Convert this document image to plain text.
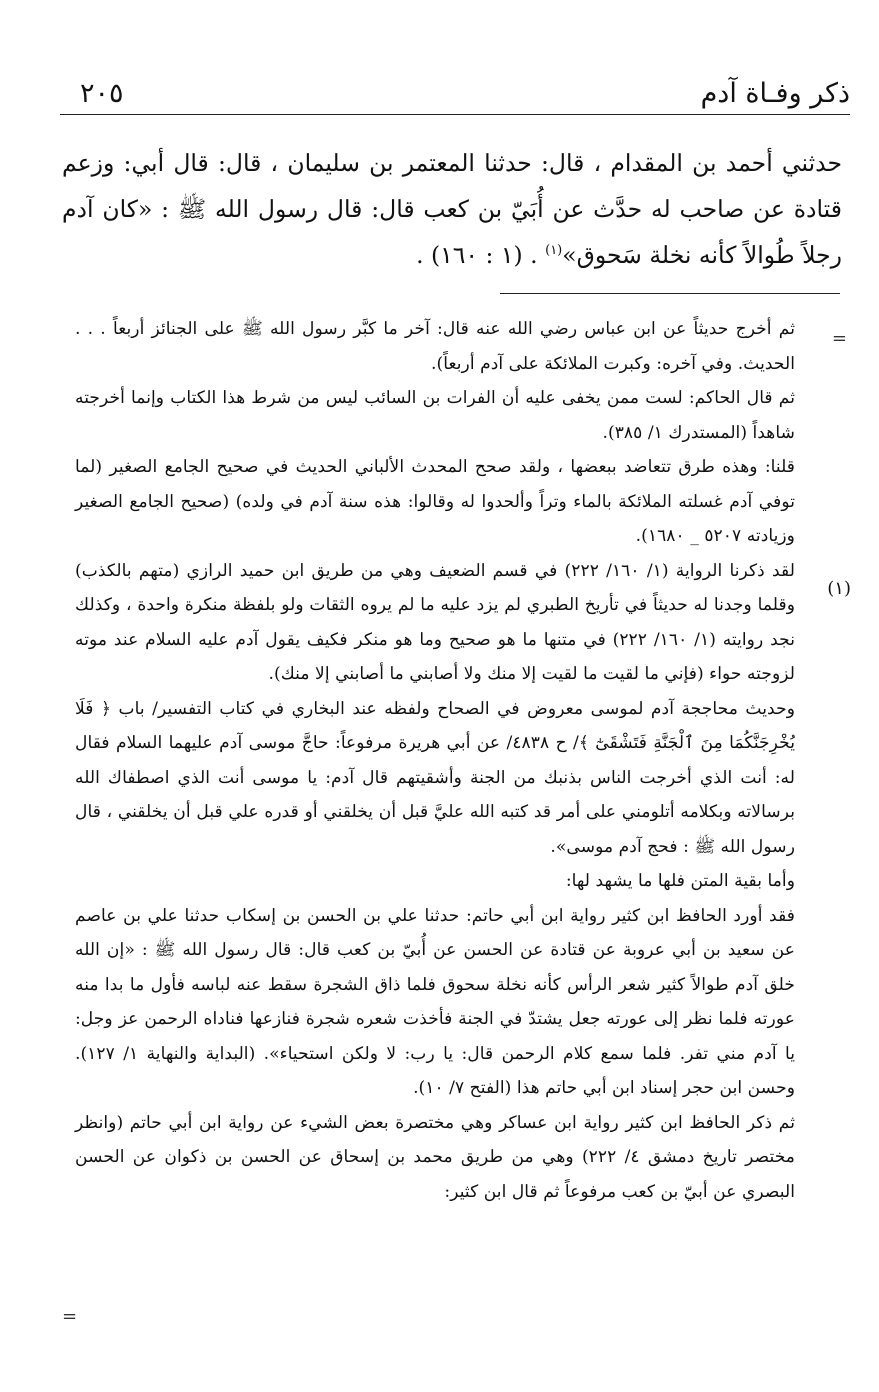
٢٠٥	ذكر وفـاة آدم

حدثني أحمد بن المقدام ، قال: حدثنا المعتمر بن سليمان ، قال: قال أبي: وزعم قتادة عن صاحب له حدَّث عن أُبَيّ بن كعب قال: قال رسول الله ﷺ : «كان آدم رجلاً طُوالاً كأنه نخلة سَحوق»$^{(١)}$ . (١ : ١٦٠) .

=
(١)

ثم أخرج حديثاً عن ابن عباس رضي الله عنه قال: آخر ما كبَّر رسول الله ﷺ على الجنائز أربعاً . . . الحديث. وفي آخره: وكبرت الملائكة على آدم أربعاً).

ثم قال الحاكم: لست ممن يخفى عليه أن الفرات بن السائب ليس من شرط هذا الكتاب وإنما أخرجته شاهداً (المستدرك ١/ ٣٨٥).

قلنا: وهذه طرق تتعاضد ببعضها ، ولقد صحح المحدث الألباني الحديث في صحيح الجامع الصغير (لما توفي آدم غسلته الملائكة بالماء وتراً وألحدوا له وقالوا: هذه سنة آدم في ولده) (صحيح الجامع الصغير وزيادته ٥٢٠٧ _ ١٦٨٠).

لقد ذكرنا الرواية (١/ ١٦٠/ ٢٢٢) في قسم الضعيف وهي من طريق ابن حميد الرازي (متهم بالكذب) وقلما وجدنا له حديثاً في تأريخ الطبري لم يزد عليه ما لم يروه الثقات ولو بلفظة منكرة واحدة ، وكذلك نجد روايته (١/ ١٦٠/ ٢٢٢) في متنها ما هو صحيح وما هو منكر فكيف يقول آدم عليه السلام عند موته لزوجته حواء (فإني ما لقيت ما لقيت إلا منك ولا أصابني ما أصابني إلا منك).

وحديث محاججة آدم لموسى معروض في الصحاح ولفظه عند البخاري في كتاب التفسير/ باب ﴿ فَلَا يُخْرِجَنَّكُمَا مِنَ ٱلْجَنَّةِ فَتَشْقَىٰٓ ﴾/ ح ٤٨٣٨/ عن أبي هريرة مرفوعاً: حاجَّ موسى آدم عليهما السلام فقال له: أنت الذي أخرجت الناس بذنبك من الجنة وأشقيتهم قال آدم: يا موسى أنت الذي اصطفاك الله برسالاته وبكلامه أتلومني على أمر قد كتبه الله عليَّ قبل أن يخلقني أو قدره علي قبل أن يخلقني ، قال رسول الله ﷺ : فحج آدم موسى».

وأما بقية المتن فلها ما يشهد لها:

فقد أورد الحافظ ابن كثير رواية ابن أبي حاتم: حدثنا علي بن الحسن بن إسكاب حدثنا علي بن عاصم عن سعيد بن أبي عروبة عن قتادة عن الحسن عن أُبيّ بن كعب قال: قال رسول الله ﷺ : «إن الله خلق آدم طوالاً كثير شعر الرأس كأنه نخلة سحوق فلما ذاق الشجرة سقط عنه لباسه فأول ما بدا منه عورته فلما نظر إلى عورته جعل يشتدّ في الجنة فأخذت شعره شجرة فنازعها فناداه الرحمن عز وجل: يا آدم مني تفر. فلما سمع كلام الرحمن قال: يا رب: لا ولكن استحياء». (البداية والنهاية ١/ ١٢٧). وحسن ابن حجر إسناد ابن أبي حاتم هذا (الفتح ٧/ ١٠).

ثم ذكر الحافظ ابن كثير رواية ابن عساكر وهي مختصرة بعض الشيء عن رواية ابن أبي حاتم (وانظر مختصر تاريخ دمشق ٤/ ٢٢٢) وهي من طريق محمد بن إسحاق عن الحسن بن ذكوان عن الحسن البصري عن أبيّ بن كعب مرفوعاً ثم قال ابن كثير:

=
